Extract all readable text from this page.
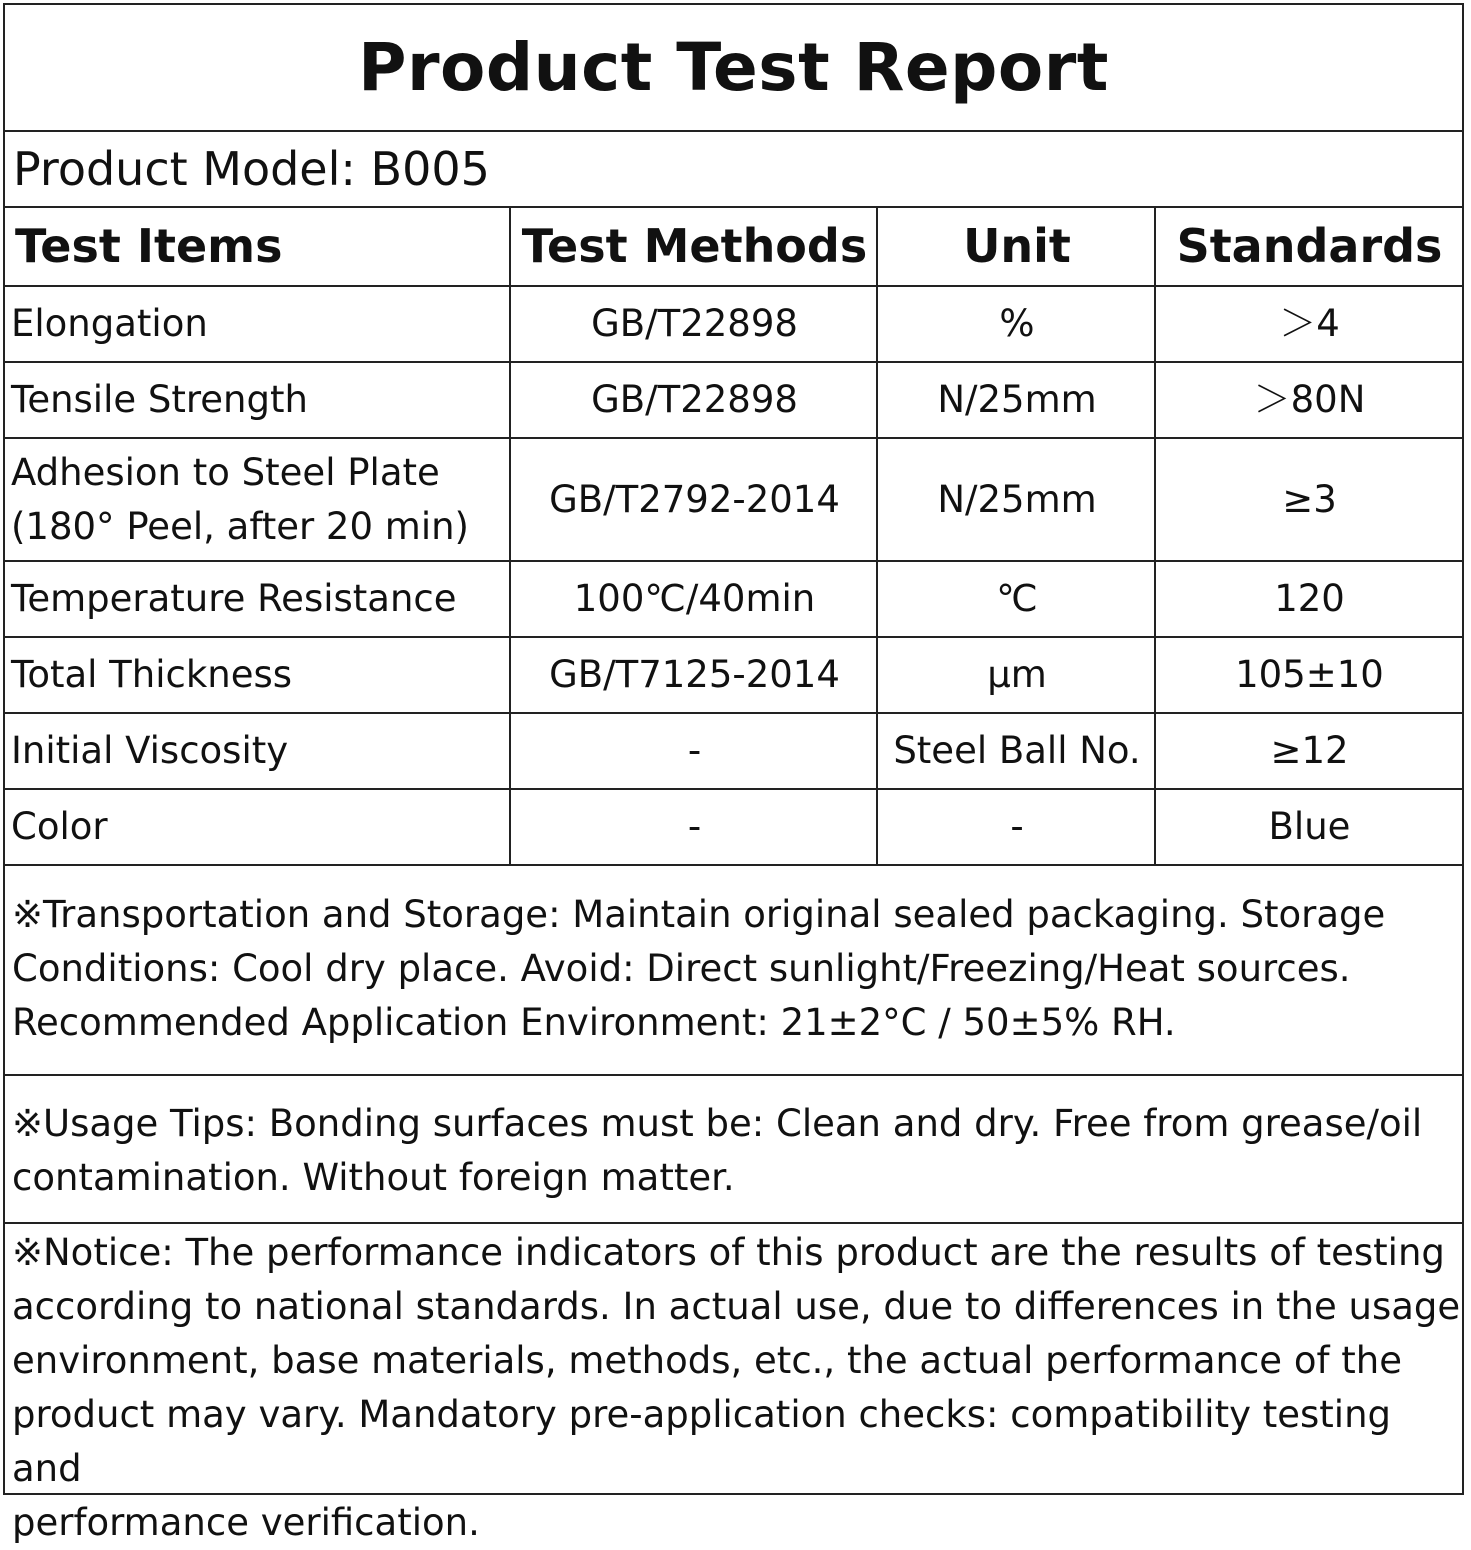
Product Test Report
Product Model: B005
Test Items	Test Methods	Unit	Standards
Elongation	GB/T22898	%	＞4
Tensile Strength	GB/T22898	N/25mm	＞80N
Adhesion to Steel Plate
(180° Peel, after 20 min)
GB/T2792-2014	N/25mm	≥3
Temperature Resistance	100℃/40min	℃	120
Total Thickness	GB/T7125-2014	μm	105±10
Initial Viscosity	-	Steel Ball No.	≥12
Color	-	-	Blue
※Transportation and Storage: Maintain original sealed packaging. Storage
Conditions: Cool dry place. Avoid: Direct sunlight/Freezing/Heat sources.
Recommended Application Environment: 21±2°C / 50±5% RH.
※Usage Tips: Bonding surfaces must be: Clean and dry. Free from grease/oil
contamination. Without foreign matter.
※Notice: The performance indicators of this product are the results of testing
according to national standards. In actual use, due to differences in the usage
environment, base materials, methods, etc., the actual performance of the
product may vary. Mandatory pre-application checks: compatibility testing and
performance verification.
